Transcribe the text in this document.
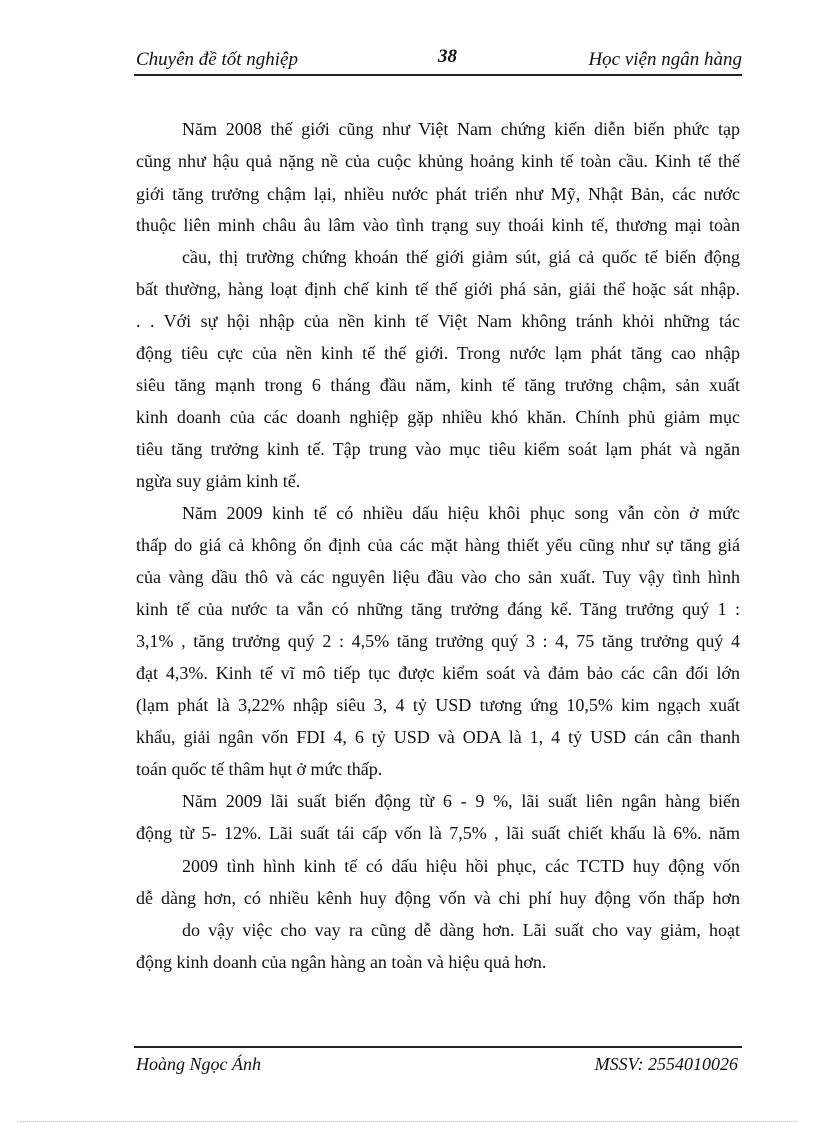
Chuyên đề tốt nghiệp	38	Học viện ngân hàng
Năm 2008 thế giới cũng như Việt Nam chứng kiến diễn biến phức tạp
cũng như hậu quả nặng nề của cuộc khủng hoảng kinh tế toàn cầu. Kinh tế thế
giới tăng trưởng chậm lại, nhiều nước phát triển như Mỹ, Nhật Bản, các nước
thuộc liên minh châu âu lâm vào tình trạng suy thoái kinh tế, thương mại toàn
cầu, thị trường chứng khoán thế giới giảm sút, giá cả quốc tế biến động
bất thường, hàng loạt định chế kinh tế thế giới phá sản, giải thể hoặc sát nhập.
. . Với sự hội nhập của nền kinh tế Việt Nam không tránh khỏi những tác
động tiêu cực của nền kinh tế thế giới. Trong nước lạm phát tăng cao nhập
siêu tăng mạnh trong 6 tháng đầu năm, kinh tế tăng trưởng chậm, sản xuất
kinh doanh của các doanh nghiệp gặp nhiều khó khăn. Chính phủ giảm mục
tiêu tăng trưởng kinh tế. Tập trung vào mục tiêu kiểm soát lạm phát và ngăn
ngừa suy giảm kinh tế.
Năm 2009 kinh tế có nhiều dấu hiệu khôi phục song vẫn còn ở mức
thấp do giá cả không ổn định của các mặt hàng thiết yếu cũng như sự tăng giá
của vàng dầu thô và các nguyên liệu đầu vào cho sản xuất. Tuy vậy tình hình
kinh tế của nước ta vẫn có những tăng trưởng đáng kể. Tăng trưởng quý 1 :
3,1% , tăng trưởng quý 2 : 4,5% tăng trưởng quý 3 : 4, 75 tăng trưởng quý 4
đạt 4,3%. Kinh tế vĩ mô tiếp tục được kiểm soát và đảm bảo các cân đối lớn
(lạm phát là 3,22% nhập siêu 3, 4 tỷ USD tương ứng 10,5% kim ngạch xuất
khẩu, giải ngân vốn FDI 4, 6 tỷ USD và ODA là 1, 4 tỷ USD cán cân thanh
toán quốc tế thâm hụt ở mức thấp.
Năm 2009 lãi suất biến động từ 6 - 9 %, lãi suất liên ngân hàng biến
động từ 5- 12%. Lãi suất tái cấp vốn là 7,5% , lãi suất chiết khấu là 6%. năm
2009 tình hình kinh tế có dấu hiệu hồi phục, các TCTD huy động vốn
dễ dàng hơn, có nhiều kênh huy động vốn và chi phí huy động vốn thấp hơn
do vậy việc cho vay ra cũng dễ dàng hơn. Lãi suất cho vay giảm, hoạt
động kinh doanh của ngân hàng an toàn và hiệu quả hơn.
Hoàng Ngọc Ánh	MSSV: 2554010026
